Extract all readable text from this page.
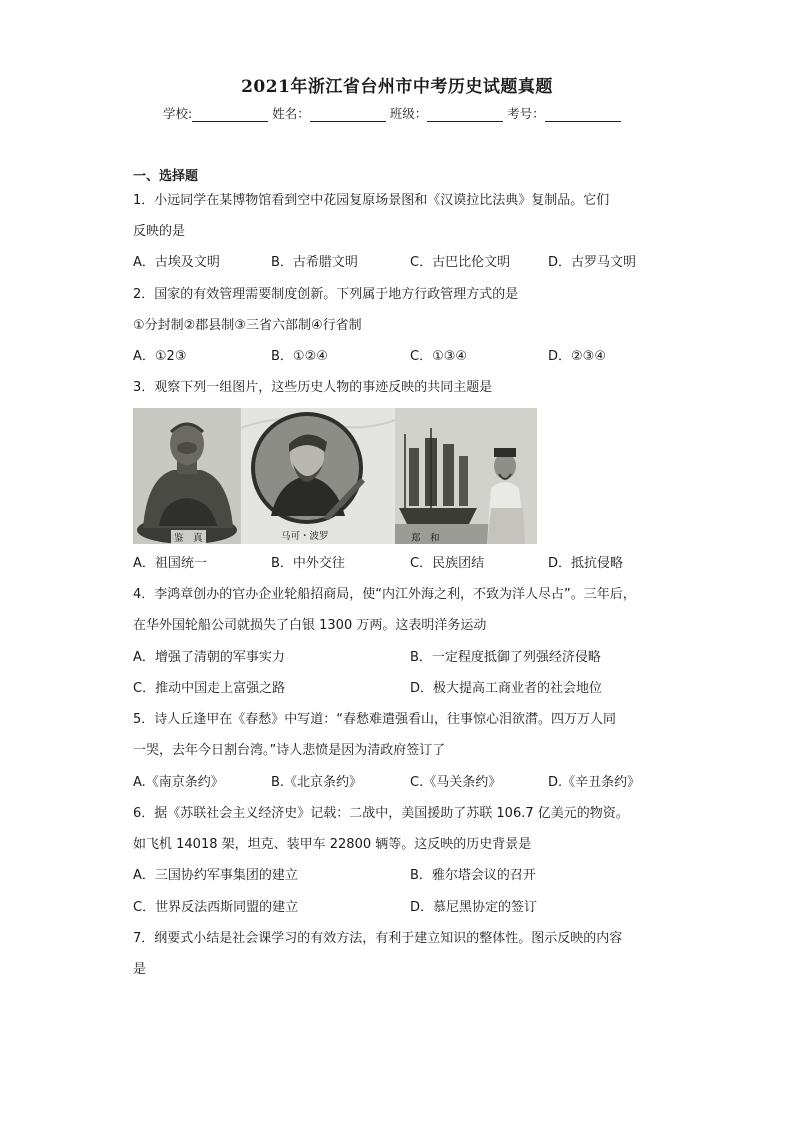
2021年浙江省台州市中考历史试题真题
学校:	姓名：	班级：	考号：
一、选择题
1．小远同学在某博物馆看到空中花园复原场景图和《汉谟拉比法典》复制品。它们
反映的是
A．古埃及文明	B．古希腊文明	C．古巴比伦文明	D．古罗马文明
2．国家的有效管理需要制度创新。下列属于地方行政管理方式的是
①分封制②郡县制③三省六部制④行省制
A．①2③	B．①②④	C．①③④	D．②③④
3．观察下列一组图片，这些历史人物的事迹反映的共同主题是
鉴　真	马可・波罗	郑　和
A．祖国统一	B．中外交往	C．民族团结	D．抵抗侵略
4．李鸿章创办的官办企业轮船招商局，使“内江外海之利，不致为洋人尽占”。三年后，
在华外国轮船公司就损失了白银 1300 万两。这表明洋务运动
A．增强了清朝的军事实力	B．一定程度抵御了列强经济侵略
C．推动中国走上富强之路	D．极大提高工商业者的社会地位
5．诗人丘逢甲在《春愁》中写道：“春愁难遣强看山，往事惊心泪欲潸。四万万人同
一哭，去年今日割台湾。”诗人悲愤是因为清政府签订了
A.《南京条约》	B.《北京条约》	C.《马关条约》	D.《辛丑条约》
6．据《苏联社会主义经济史》记载：二战中，美国援助了苏联 106.7 亿美元的物资。
如飞机 14018 架，坦克、装甲车 22800 辆等。这反映的历史背景是
A．三国协约军事集团的建立	B．雅尔塔会议的召开
C．世界反法西斯同盟的建立	D．慕尼黑协定的签订
7．纲要式小结是社会课学习的有效方法，有利于建立知识的整体性。图示反映的内容
是
